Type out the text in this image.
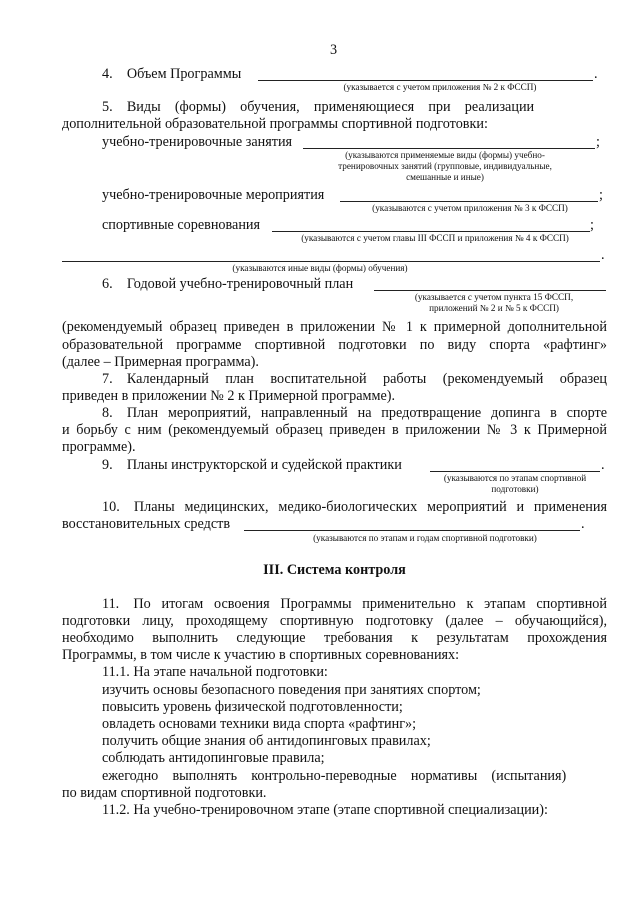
3
4. Объем Программы	.
(указывается с учетом приложения № 2 к ФССП)
5. Виды (формы) обучения, применяющиеся при реализации
дополнительной образовательной программы спортивной подготовки:
учебно-тренировочные занятия	;
(указываются применяемые виды (формы) учебно-
тренировочных занятий (групповые, индивидуальные,
смешанные и иные)
учебно-тренировочные мероприятия	;
(указываются с учетом приложения № 3 к ФССП)
спортивные соревнования	;
(указываются с учетом главы III ФССП и приложения № 4 к ФССП)
.
(указываются иные виды (формы) обучения)
6. Годовой учебно-тренировочный план
(указывается с учетом пункта 15 ФССП,
приложений № 2 и № 5 к ФССП)
(рекомендуемый образец приведен в приложении № 1 к примерной дополнительной
образовательной программе спортивной подготовки по виду спорта «рафтинг»
(далее – Примерная программа).
7. Календарный план воспитательной работы (рекомендуемый образец
приведен в приложении № 2 к Примерной программе).
8. План мероприятий, направленный на предотвращение допинга в спорте
и борьбу с ним (рекомендуемый образец приведен в приложении № 3 к Примерной
программе).
9. Планы инструкторской и судейской практики	.
(указываются по этапам спортивной
подготовки)
10. Планы медицинских, медико-биологических мероприятий и применения
восстановительных средств	.
(указываются по этапам и годам спортивной подготовки)
III. Система контроля
11. По итогам освоения Программы применительно к этапам спортивной
подготовки лицу, проходящему спортивную подготовку (далее – обучающийся),
необходимо выполнить следующие требования к результатам прохождения
Программы, в том числе к участию в спортивных соревнованиях:
11.1. На этапе начальной подготовки:
изучить основы безопасного поведения при занятиях спортом;
повысить уровень физической подготовленности;
овладеть основами техники вида спорта «рафтинг»;
получить общие знания об антидопинговых правилах;
соблюдать антидопинговые правила;
ежегодно выполнять контрольно-переводные нормативы (испытания)
по видам спортивной подготовки.
11.2. На учебно-тренировочном этапе (этапе спортивной специализации):
